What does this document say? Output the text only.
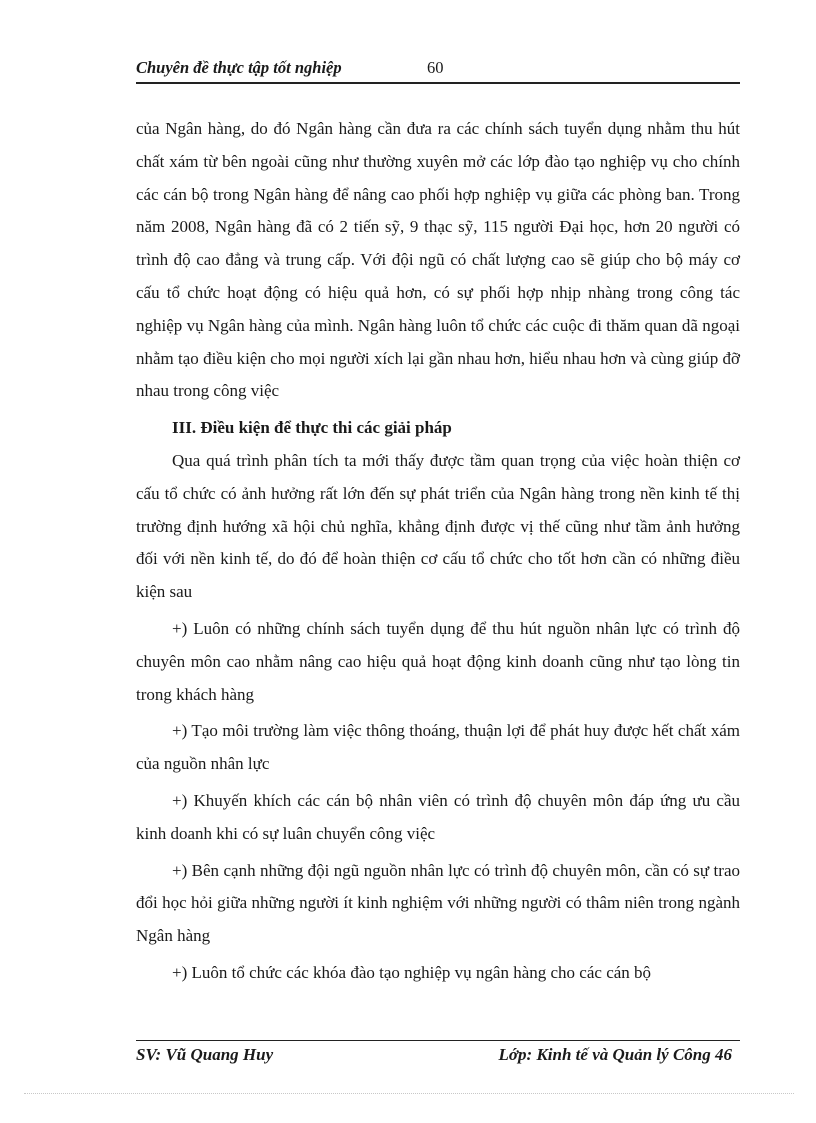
Chuyên đề thực tập tốt nghiệp	60

của Ngân hàng, do đó Ngân hàng cần đưa ra các chính sách tuyển dụng nhằm thu hút chất xám từ bên ngoài cũng như thường xuyên mở các lớp đào tạo nghiệp vụ cho chính các cán bộ trong Ngân hàng để nâng cao phối hợp nghiệp vụ giữa các phòng ban. Trong năm 2008, Ngân hàng đã có 2 tiến sỹ, 9 thạc sỹ, 115 người Đại học, hơn 20 người có trình độ cao đẳng và trung cấp. Với đội ngũ có chất lượng cao sẽ giúp cho bộ máy cơ cấu tổ chức hoạt động có hiệu quả hơn, có sự phối hợp nhịp nhàng trong công tác nghiệp vụ Ngân hàng của mình. Ngân hàng luôn tổ chức các cuộc đi thăm quan dã ngoại nhằm tạo điều kiện cho mọi người xích lại gần nhau hơn, hiểu nhau hơn và cùng giúp đỡ nhau trong công việc

III. Điều kiện để thực thi các giải pháp

Qua quá trình phân tích ta mới thấy được tầm quan trọng của việc hoàn thiện cơ cấu tổ chức có ảnh hưởng rất lớn đến sự phát triển của Ngân hàng trong nền kinh tế thị trường định hướng xã hội chủ nghĩa, khẳng định được vị thế cũng như tầm ảnh hưởng đối với nền kinh tế, do đó để hoàn thiện cơ cấu tổ chức cho tốt hơn cần có những điều kiện sau

+) Luôn có những chính sách tuyển dụng để thu hút nguồn nhân lực có trình độ chuyên môn cao nhằm nâng cao hiệu quả hoạt động kinh doanh cũng như tạo lòng tin trong khách hàng

+) Tạo môi trường làm việc thông thoáng, thuận lợi để phát huy được hết chất xám của nguồn nhân lực

+) Khuyến khích các cán bộ nhân viên có trình độ chuyên môn đáp ứng ưu cầu kinh doanh khi có sự luân chuyển công việc

+) Bên cạnh những đội ngũ nguồn nhân lực có trình độ chuyên môn, cần có sự trao đổi học hỏi giữa những người ít kinh nghiệm với những người có thâm niên trong ngành Ngân hàng

+) Luôn tổ chức các khóa đào tạo nghiệp vụ ngân hàng cho các cán bộ

SV: Vũ Quang Huy	Lớp: Kinh tế và Quản lý Công 46
